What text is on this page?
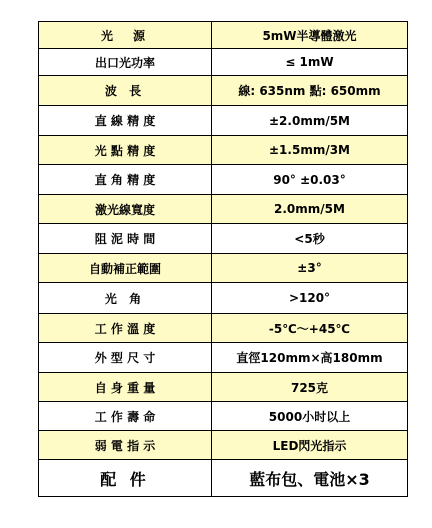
光　源	5mW半導體激光
出口光功率	≤ 1mW
波 長	線: 635nm 點: 650mm
直 線 精 度	±2.0mm/5M
光 點 精 度	±1.5mm/3M
直 角 精 度	90° ±0.03°
激光線寬度	2.0mm/5M
阻 泥 時 間	<5秒
自動補正範圍	±3°
光 角	>120°
工 作 溫 度	-5℃～+45℃
外 型 尺 寸	直徑120mm×高180mm
自 身 重 量	725克
工 作 壽 命	5000小时以上
弱 電 指 示	LED閃光指示
配 件	藍布包、電池×3
